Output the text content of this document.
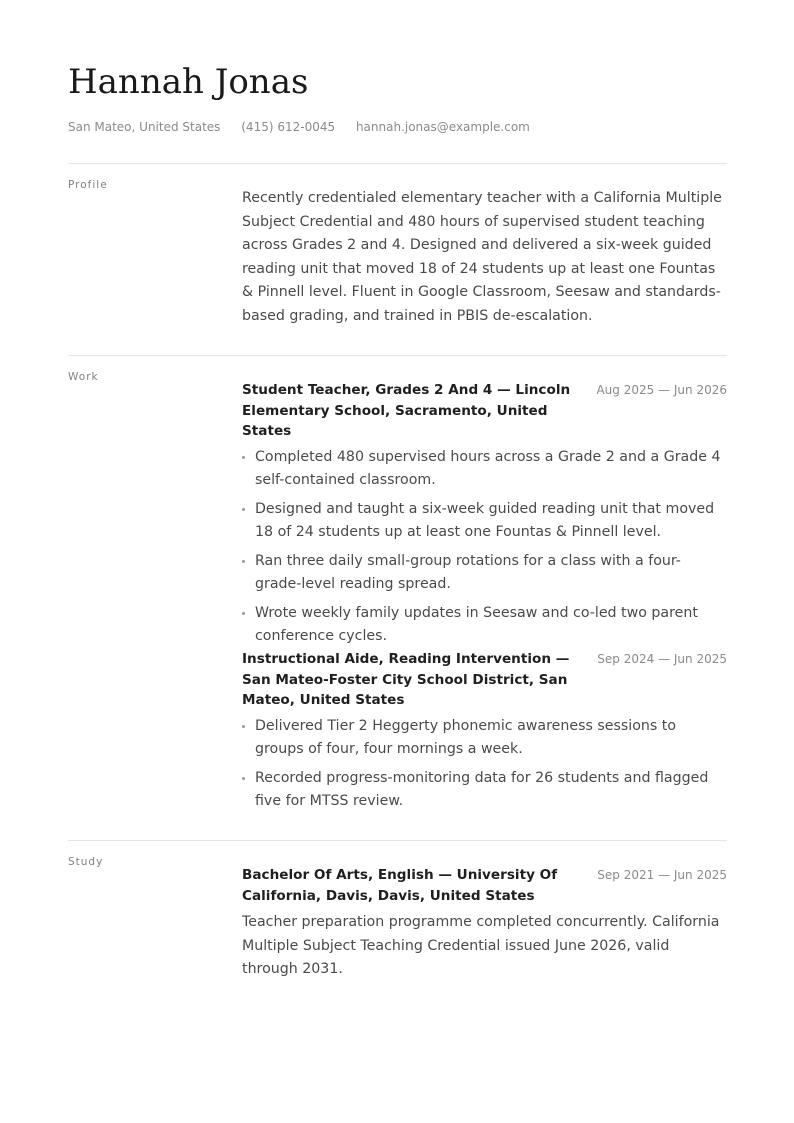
Hannah Jonas
San Mateo, United States (415) 612-0045 hannah.jonas@example.com
Profile

Recently credentialed elementary teacher with a California Multiple Subject Credential and 480 hours of supervised student teaching across Grades 2 and 4. Designed and delivered a six-week guided reading unit that moved 18 of 24 students up at least one Fountas & Pinnell level. Fluent in Google Classroom, Seesaw and standards-based grading, and trained in PBIS de-escalation.

Work

Student Teacher, Grades 2 And 4 — Lincoln Elementary School, Sacramento, United States

Aug 2025 — Jun 2026
Completed 480 supervised hours across a Grade 2 and a Grade 4 self-contained classroom.
Designed and taught a six-week guided reading unit that moved 18 of 24 students up at least one Fountas & Pinnell level.
Ran three daily small-group rotations for a class with a four-grade-level reading spread.
Wrote weekly family updates in Seesaw and co-led two parent conference cycles.

Instructional Aide, Reading Intervention — San Mateo-Foster City School District, San Mateo, United States

Sep 2024 — Jun 2025
Delivered Tier 2 Heggerty phonemic awareness sessions to groups of four, four mornings a week.
Recorded progress-monitoring data for 26 students and flagged five for MTSS review.
Study

Bachelor Of Arts, English — University Of California, Davis, Davis, United States

Sep 2021 — Jun 2025

Teacher preparation programme completed concurrently. California Multiple Subject Teaching Credential issued June 2026, valid through 2031.
